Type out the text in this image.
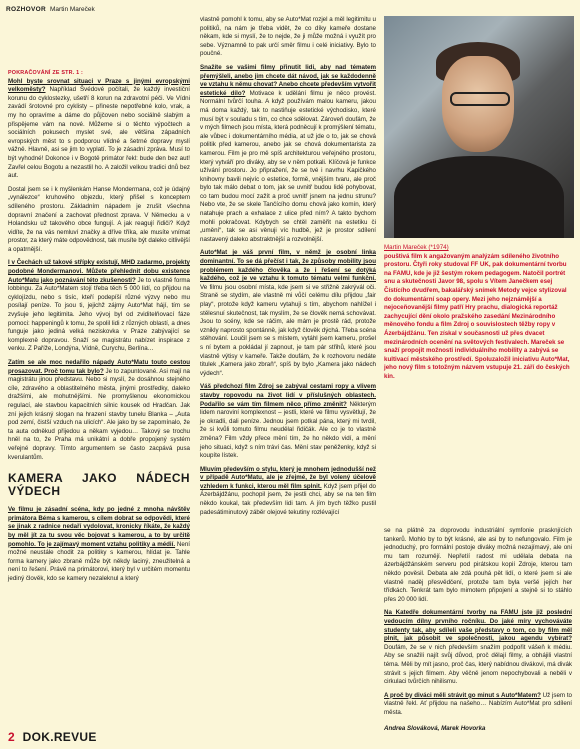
ROZHOVOR Martin Mareček
POKRAČOVÁNÍ ZE STR. 1 :

Mohl byste srovnat situaci v Praze s jinými evropskými velkoměsty? Například Švédové počítali, že každý investiční korunu do cyklostezky, ušetří 8 korun na zdravotní péči. Ve Vídni zavádí šrotovné pro cyklisty – přineste nepotřebné kolo, vrak, a my ho opravíme a dáme do půjčoven nebo sociálně slabým a přispějeme vám na nové. Můžeme si o těchto výpočtech a sociálních pokusech myslet své, ale většina západních evropských měst to s podporou vlídné a šetrné dopravy myslí vážně. Hlavně, asi se jim to vyplatí. To je zásadní zpráva. Musí to být vyhodné! Dokonce i v Bogotě primátor řekl: bude den bez aut! Zavřel celou Bogotu a nezastlil ho. A založil velkou tradici dnů bez aut.

Dostal jsem se i k myšlenkám Hanse Mondermana, což je údajný „vynálezce“ kruhového objezdu, který přišel s konceptem sdíleného prostoru. Základním nápadem je zrušit všechna dopravní značení a zachovat přednost zprava. V Německu a v Holandsku už takového obce fungují. A jak reagují řidiči? Když vidíte, že na vás nemluví značky a dříve tříka, ale musíte vnímat prostor, za který máte odpovědnost, tak musíte být daleko citlivější a opatrnější.

I v Čechách už takové střípky existují, MHD zadarmo, projekty podobné Mondermanovi. Můžete přehlednit dobu existence Auto*Matu jako poznávání této zkušenosti? Je to vlastně forma lobbingu. Za Auto*Matem stojí třeba těch 5 000 lidí, co přijdou na cyklojízdu, nebo s tisíc, kteří podepíší různé výzvy nebo mu posílají peníze. To jsou ti, jejichž zájmy Auto*Mat hájí, tím se zvyšuje jeho legitimita. Jeho vývoj byl od zviditelňovací fáze pomoci: happeningů k tomu, že spolil lidi z různých oblastí, a dnes funguje jako jediná velká neziskovka v Praze zabývající se komplexně dopravou. Snaží se magistrátu nabízet inspirace z venku. Z Paříže, Londýna, Vídně, Curychu, Berlína…

Zatím se ale moc nedařilo nápady Auto*Matu touto cestou prosazovat. Proč tomu tak bylo? Je to zapuntované. Asi mají na magistrátu jinou představu. Nebo si myslí, že dosáhnou stejného cíle, zdravého a oblastitelného města, jinými prostředky, daleko dražšími, ale mohutnějšími. Ne promyšlenou ekonomickou regulací, ale stavbou kapacitních silnic kousek od Hradčan. Jak zní jejich krásný slogan na hrazení stavby tunelu Blanka – „Auta pod zemí, čistší vzduch na ulicích“. Ale jako by se zapomínalo, že ta auta odněkud přijedou a někam vyjedou… Takový se trochu hněl na to, že Praha má unikátní a dobře propojený systém veřejné dopravy. Tímto argumentem se často zacpává pusa kverulantům.

KAMERA JAKO NÁDECH VÝDECH

Ve filmu je zásadní scéna, kdy po jedné z mnoha návštěv primátora Béma s kamerou, s cílem dobrat se odpovědi, které se jinak z radnice nedaří vydolovat, kronicky říkáte, že každý by měl jít za tu svou věc bojovat s kamerou, a to by určitě pomohlo. To je zajímavý moment vztahu politiky a médií. Není možné neustále chodit za politiky s kamerou, hlídat je. Tahle forma kamery jako zbraně může být někdy laciný, zneužitelná a není to řešení. Právě na primátorovi, který byl v určitém momentu jediný člověk, kdo se kamery nezaleknul a který

vlastně pomohl k tomu, aby se Auto*Mat rozjel a měl legitimitu u politiků, na nám je třeba vidět, že co díky kameře dostane někam, kde si myslí, že to nejde, že ji může možná i využít pro sebe. Významně to pak určí směr filmu i celé iniciativy. Bylo to poučné.

Snažíte se vašimi filmy přinutit lidi, aby nad tématem přemýšleli, anebo jim chcete dát návod, jak se každodenně ve vztahu k němu chovat? Anebo chcete především vytvořit estetické dílo? Motivace k udělání filmu je něco provést. Normální tvůrčí touha. A když používám malou kameru, jakou má doma každý, tak to nastiňuje estetické východisko, které musí být v souladu s tím, co chce sdělovat. Zároveň doufám, že v mých filmech jsou místa, která podněcují k promýšlení tématu, ale vůbec i dokumentárního média, at už jde o to, jak se chová politik před kamerou, anebo jak se chová dokumentarista za kamerou. Film je pro mě spíš architekturou veřejného prostoru, který vytváří pro diváky, aby se v něm potkali. Klíčová je funkce užívání prostoru. Jo připražení, že se tvé i navrhu Kapičkého knihovny bavili nejvíc o estetice, formě, vnějším tvaru, ale proč bylo tak málo debat o tom, jak se uvnitř budou lidé pohybovat, co tam budou mocí zažít a proč uvnitř jsnem na jednu strunu? Nebo vte, že se skele Tančícího domu chová jako komín, který natahuje prach a exhalace z ulice před ním? A takto bychom mohli pokračovat. Kdybych se chtěl zaměřit na estetiku či „umění“, tak se asi věnuji víc hudbě, jež je prostor sdílení nastavený daleko abstraktnější a rozvolnější.

Auto*Mat je váš první film, v němž je osobní linka dominantní. To se dá přečíst i tak, že způsoby mobility jsou problémem každého člověka a že i řešení se dotýká každého, což je ve vztahu k tomuto tématu velmi funkční. Ve filmu jsou osobní místa, kde jsem si ve střižně zakrývál oči. Straně se stydím, ale vlastně mi vůčí celému dílu přijdou „fair play“, protože když kameru vytahuji s tím, abychom nahlížel i stělesnuí skutečnost, tak myslím, že se člověk nemá schovávat. Jsou to scény, kde se ráčim, ale mám je prostě rád, protože vznikly naprosto spontánně, jak když člověk dýchá. Třeba scéna stěhování. Loučil jsem se s místem, vytáhl jsem kameru, prošel s ní bytem a pokládal jí zapnout, je tam pár střihů, které jsou vlastně výtisy v kameře. Takže doufám, že k rozhovoru nedáte titulek „Kamera jako zbraň“, spíš by bylo „Kamera jako nádech výdech“.

Váš předchozí film Zdroj se zabýval cestami ropy a vlivem stavby ropovodu na život lidí v příslušných oblastech. Podařilo se vám tím filmem něco přímo změnit? Některým lidem naroviní komplexnost – jestli, které ve filmu vysvětlují, že je okradli, dali peníze. Jednou jsem potkal pána, který mi tvrdil, že si kvůli tomuto filmu neudělal řidičák. Ale co je to vlastně změna? Film vždy přece mění tím, že ho někdo vidí, a mění jeho situaci, když s ním tráví čas. Mění stav peněženky, když si koupíte lístek.

Mluvím především o stylu, který je mnohem jednodušší než v případě Auto*Matu, ale je zřejmé, že byl volený účelově vzhledem k funkci, kterou měl film splnit. Když jsem přijel do Ázerbájdžánu, pochopil jsem, že jestli chci, aby se na ten film někdo koukal, tak především lidi tam. A jím bych těžko pustil padesátiminutový záběr olejové tekutiny rozlévající

Martin Mareček (*1974)
pouštivá film k angažovaným analýzám sdíleného životního prostoru. Čtyři roky studoval FF UK, pak dokumentární tvorbu na FAMU, kde je již šestým rokem pedagogem. Natočil portrét snu a skutečnosti Javor 98, spolu s Vítem Janečkem esej Čístícího dvudřem, bakalářský snímek Metody vejce stylizoval do dokumentární soap opery. Mezi jeho nejznámější a nejoceňovanější filmy patří Hry prachu, dialogická reportáž zachycující dění okolo pražského zasedání Mezinárodního měnového fondu a film Zdroj o souvislostech těžby ropy v Ázerbájdžánu. Ten získal v současnosti už přes dvacet mezinárodních ocenění na světových festivalech. Mareček se snaží propojit možnosti individuálního mobility a zabývá se kultivací městského prostředí. Spoluzaložil iniciativu Auto*Mat, jeho nový film s totožným názvem vstupuje 21. září do českých kin.

se na plátně za doprovodu industriální symfonie prasknjících tankerů. Mohlo by to být krásné, ale asi by to nefungovalo. Film je jednoduchý, pro formální postoje diváky možná nezajímavý, ale oni mu tam rozumějí. Nepřetíí radost mi udělala debata na ázerbájdžánském serveru pod pirátskou kopií Zdroje, kterou tam někdo pověsil. Debata ale zdá pouhá pět lidí, o které jsem si ale vlastně naděj přesvědčení, protože tam byla veršé jejích her třídkách. Tenkrát tam bylo mimotem připojení a stejně si to stáhlo přes 20 000 lidí.

Na Katedře dokumentární tvorby na FAMU jste již poslední vedoucím dílny prvního ročníku. Do jaké míry vychováváte studenty tak, aby sdíleli vaše představy o tom, co by film měl plnit, jak působit ve společnosti, jakou agendu vybírat? Doufám, že se v nich především snažím podpořit vášeň k médiu. Aby se snažili najít svůj důvod, proč dělají filmy, a obhájili vlastní téma. Měli by mít jasno, proč čas, který nabídnou divákovi, má divák strávit s jejich filmem. Aby věčně jenom nepochybovali a neběli v cirkulaci tvůrčích nihilismu.

A proč by diváci měli strávit go minut s Auto*Matem? Už jsem to vlastně řekl. Ať přijdou na našeho… Nabízím Auto*Mat pro sdílení města.

Andrea Slováková, Marek Hovorka
2 DOK.REVUE
